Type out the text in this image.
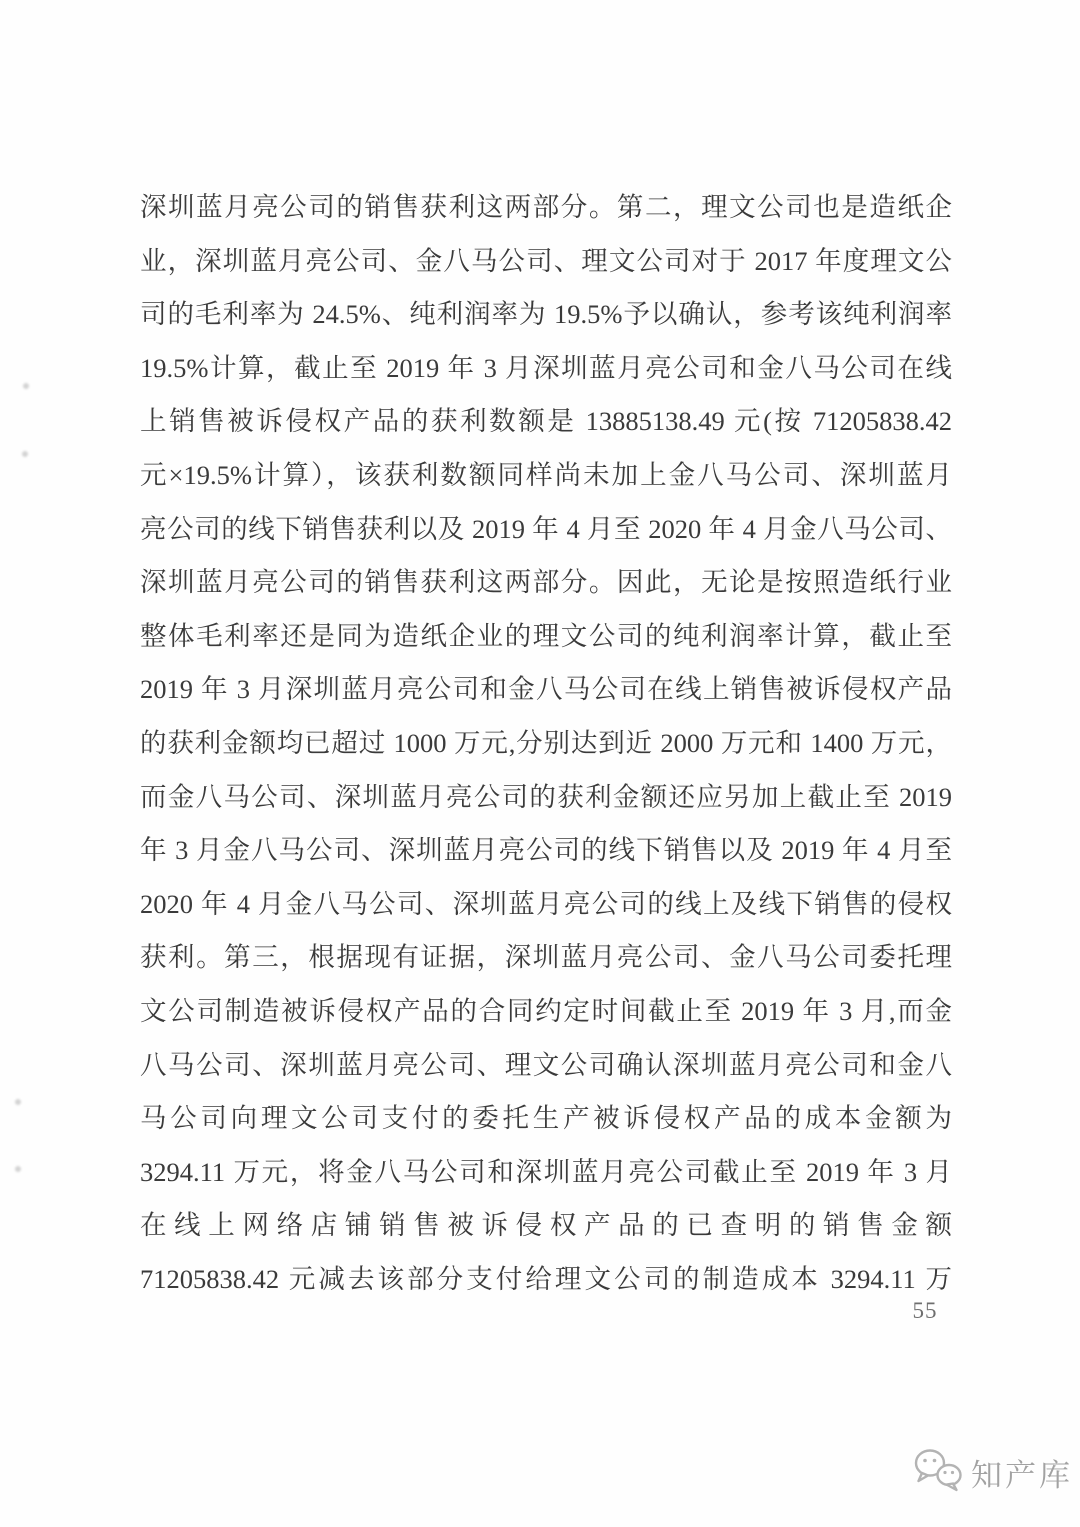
深圳蓝月亮公司的销售获利这两部分。第二，理文公司也是造纸企
业，深圳蓝月亮公司、金八马公司、理文公司对于 2017 年度理文公
司的毛利率为 24.5%、纯利润率为 19.5%予以确认，参考该纯利润率
19.5%计算，截止至 2019 年 3 月深圳蓝月亮公司和金八马公司在线
上销售被诉侵权产品的获利数额是 13885138.49 元(按 71205838.42
元×19.5%计算），该获利数额同样尚未加上金八马公司、深圳蓝月
亮公司的线下销售获利以及 2019 年 4 月至 2020 年 4 月金八马公司、
深圳蓝月亮公司的销售获利这两部分。因此，无论是按照造纸行业
整体毛利率还是同为造纸企业的理文公司的纯利润率计算，截止至
2019 年 3 月深圳蓝月亮公司和金八马公司在线上销售被诉侵权产品
的获利金额均已超过 1000 万元,分别达到近 2000 万元和 1400 万元，
而金八马公司、深圳蓝月亮公司的获利金额还应另加上截止至 2019
年 3 月金八马公司、深圳蓝月亮公司的线下销售以及 2019 年 4 月至
2020 年 4 月金八马公司、深圳蓝月亮公司的线上及线下销售的侵权
获利。第三，根据现有证据，深圳蓝月亮公司、金八马公司委托理
文公司制造被诉侵权产品的合同约定时间截止至 2019 年 3 月,而金
八马公司、深圳蓝月亮公司、理文公司确认深圳蓝月亮公司和金八
马公司向理文公司支付的委托生产被诉侵权产品的成本金额为
3294.11 万元，将金八马公司和深圳蓝月亮公司截止至 2019 年 3 月
在线上网络店铺销售被诉侵权产品的已查明的销售金额
71205838.42 元减去该部分支付给理文公司的制造成本 3294.11 万
55
知产库
